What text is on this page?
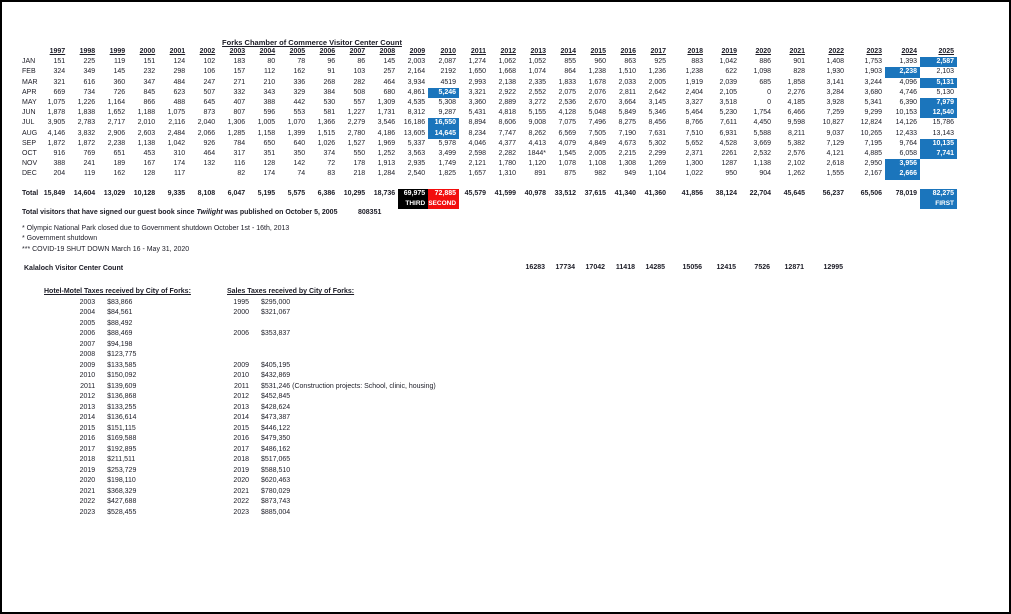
Forks Chamber of Commerce Visitor Center Count
	1997	1998	1999	2000	2001	2002	2003	2004	2005	2006	2007	2008	2009	2010	2011	2012	2013	2014	2015	2016	2017	2018	2019	2020	2021	2022	2023	2024	2025
JAN	151	225	119	151	124	102	183	80	78	96	86	145	2,003	2,087	1,274	1,062	1,052	855	960	863	925	883	1,042	886	901	1,408	1,753	1,393	2,587
FEB	324	349	145	232	298	106	157	112	162	91	103	257	2,164	2192	1,650	1,668	1,074	864	1,238	1,510	1,236	1,238	622	1,098	828	1,930	1,903	2,238	2,103
MAR	321	616	360	347	484	247	271	210	336	268	282	464	3,934	4519	2,993	2,138	2,335	1,833	1,678	2,033	2,005	1,919	2,039	685	1,858	3,141	3,244	4,096	5,131
APR	669	734	726	845	623	507	332	343	329	384	508	680	4,861	5,246	3,321	2,922	2,552	2,075	2,076	2,811	2,642	2,404	2,105	0	2,276	3,284	3,680	4,746	5,130
MAY	1,075	1,226	1,164	866	488	645	407	388	442	530	557	1,309	4,535	5,308	3,360	2,889	3,272	2,536	2,670	3,664	3,145	3,327	3,518	0	4,185	3,928	5,341	6,390	7,979
JUN	1,878	1,838	1,652	1,188	1,075	873	807	596	553	581	1,227	1,731	8,312	9,287	5,431	4,818	5,155	4,128	5,048	5,849	5,346	5,464	5,230	1,754	6,466	7,259	9,299	10,153	12,540
JUL	3,905	2,783	2,717	2,010	2,116	2,040	1,306	1,005	1,070	1,366	2,279	3,546	16,186	16,550	8,894	8,606	9,008	7,075	7,496	8,275	8,456	8,766	7,611	4,450	9,598	10,827	12,824	14,126	15,786
AUG	4,146	3,832	2,906	2,603	2,484	2,066	1,285	1,158	1,399	1,515	2,780	4,186	13,605	14,645	8,234	7,747	8,262	6,569	7,505	7,190	7,631	7,510	6,931	5,588	8,211	9,037	10,265	12,433	13,143
SEP	1,872	1,872	2,238	1,138	1,042	926	784	650	640	1,026	1,527	1,969	5,337	5,978	4,046	4,377	4,413	4,079	4,849	4,673	5,302	5,652	4,528	3,669	5,382	7,129	7,195	9,764	10,135
OCT	916	769	651	453	310	464	317	351	350	374	550	1,252	3,563	3,499	2,598	2,282	1844*	1,545	2,005	2,215	2,299	2,371	2261	2,532	2,576	4,121	4,885	6,058	7,741
NOV	388	241	189	167	174	132	116	128	142	72	178	1,913	2,935	1,749	2,121	1,780	1,120	1,078	1,108	1,308	1,269	1,300	1287	1,138	2,102	2,618	2,950	3,956	
DEC	204	119	162	128	117		82	174	74	83	218	1,284	2,540	1,825	1,657	1,310	891	875	982	949	1,104	1,022	950	904	1,262	1,555	2,167	2,666	

Total	15,849	14,604	13,029	10,128	9,335	8,108	6,047	5,195	5,575	6,386	10,295	18,736	69,975	72,885	45,579	41,599	40,978	33,512	37,615	41,340	41,360	41,856	38,124	22,704	45,645	56,237	65,506	78,019	82,275
													THIRD	SECOND															FIRST
Total visitors that have signed our guest book since Twilight was published on October 5, 2005	808351
* Olympic National Park closed due to Government shutdown October 1st - 16th, 2013
* Government shutdown
*** COVID-19 SHUT DOWN March 16 - May 31, 2020
Kalaloch Visitor Center Count
																		16283	17734	17042	11418	14285	15056	12415	7526	12871	12995			
Hotel-Motel Taxes received by City of Forks:	
2003	$83,866
2004	$84,561
2005	$88,492
2006	$88,469
2007	$94,198
2008	$123,775
2009	$133,585
2010	$150,092
2011	$139,609
2012	$136,868
2013	$133,255
2014	$136,614
2015	$151,115
2016	$169,588
2017	$192,895
2018	$211,511
2019	$253,729
2020	$198,110
2021	$368,329
2022	$427,688
2023	$528,455
Sales Taxes received by City of Forks:	
1995	$295,000
2000	$321,067

2006	$353,837

2009	$405,195
2010	$432,869
2011	$531,246 (Construction projects: School, clinic, housing)
2012	$452,845
2013	$428,624
2014	$473,387
2015	$446,122
2016	$479,350
2017	$486,162
2018	$517,065
2019	$588,510
2020	$620,463
2021	$780,029
2022	$873,743
2023	$885,004
